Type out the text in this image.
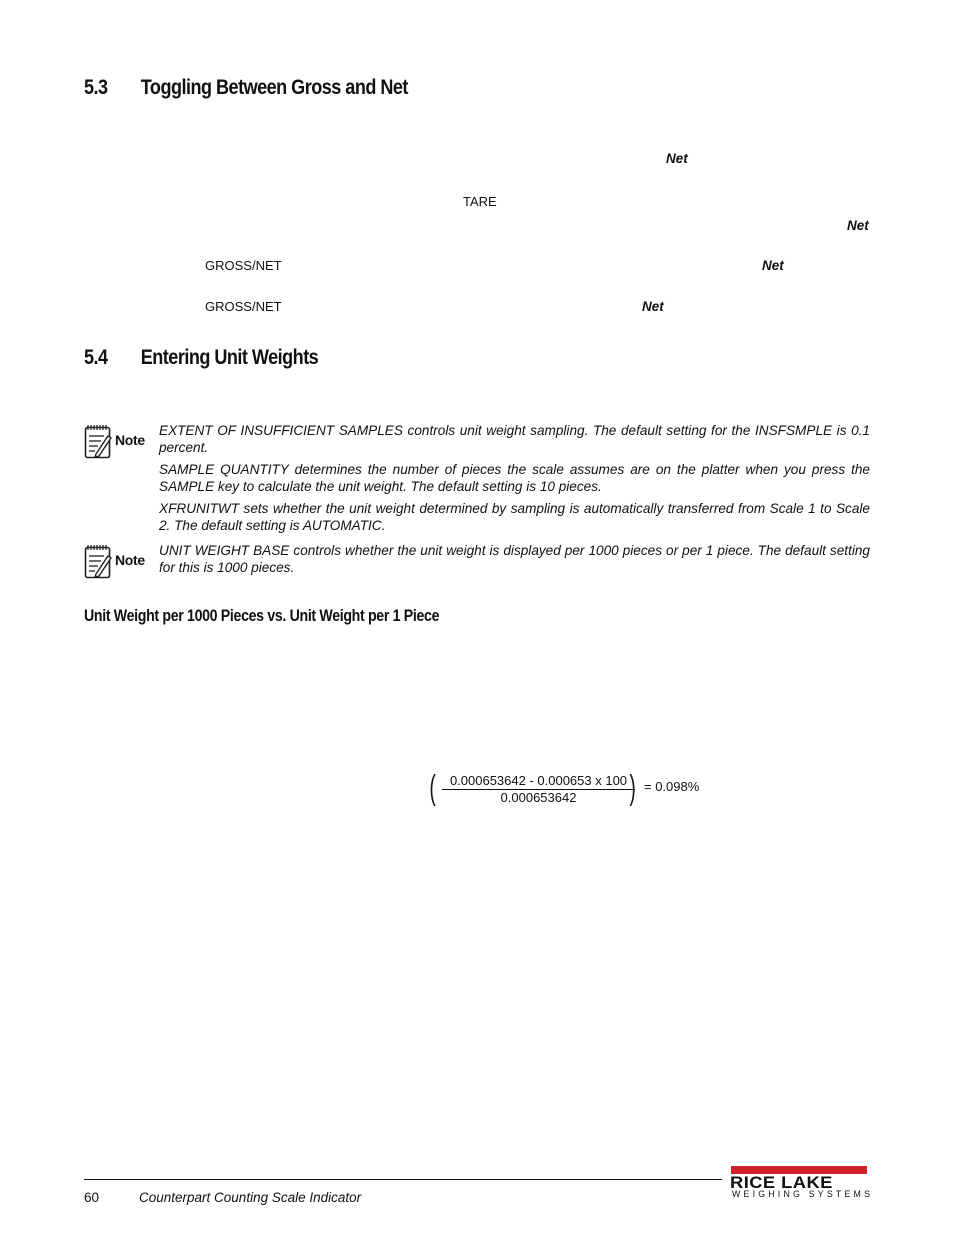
5.3 Toggling Between Gross and Net
Net
TARE
Net
GROSS/NET	Net
GROSS/NET	Net
5.4 Entering Unit Weights
Note

EXTENT OF INSUFFICIENT SAMPLES controls unit weight sampling. The default setting for the INSFSMPLE is 0.1 percent.

SAMPLE QUANTITY determines the number of pieces the scale assumes are on the platter when you press the SAMPLE key to calculate the unit weight. The default setting is 10 pieces.

XFRUNITWT sets whether the unit weight determined by sampling is automatically transferred from Scale 1 to Scale 2. The default setting is AUTOMATIC.

Note

UNIT WEIGHT BASE controls whether the unit weight is displayed per 1000 pieces or per 1 piece. The default setting for this is 1000 pieces.

Unit Weight per 1000 Pieces vs. Unit Weight per 1 Piece
(	0.000653642 - 0.000653 x 100
0.000653642	) = 0.098%
60	Counterpart Counting Scale Indicator
RICE LAKE
WEIGHING SYSTEMS
